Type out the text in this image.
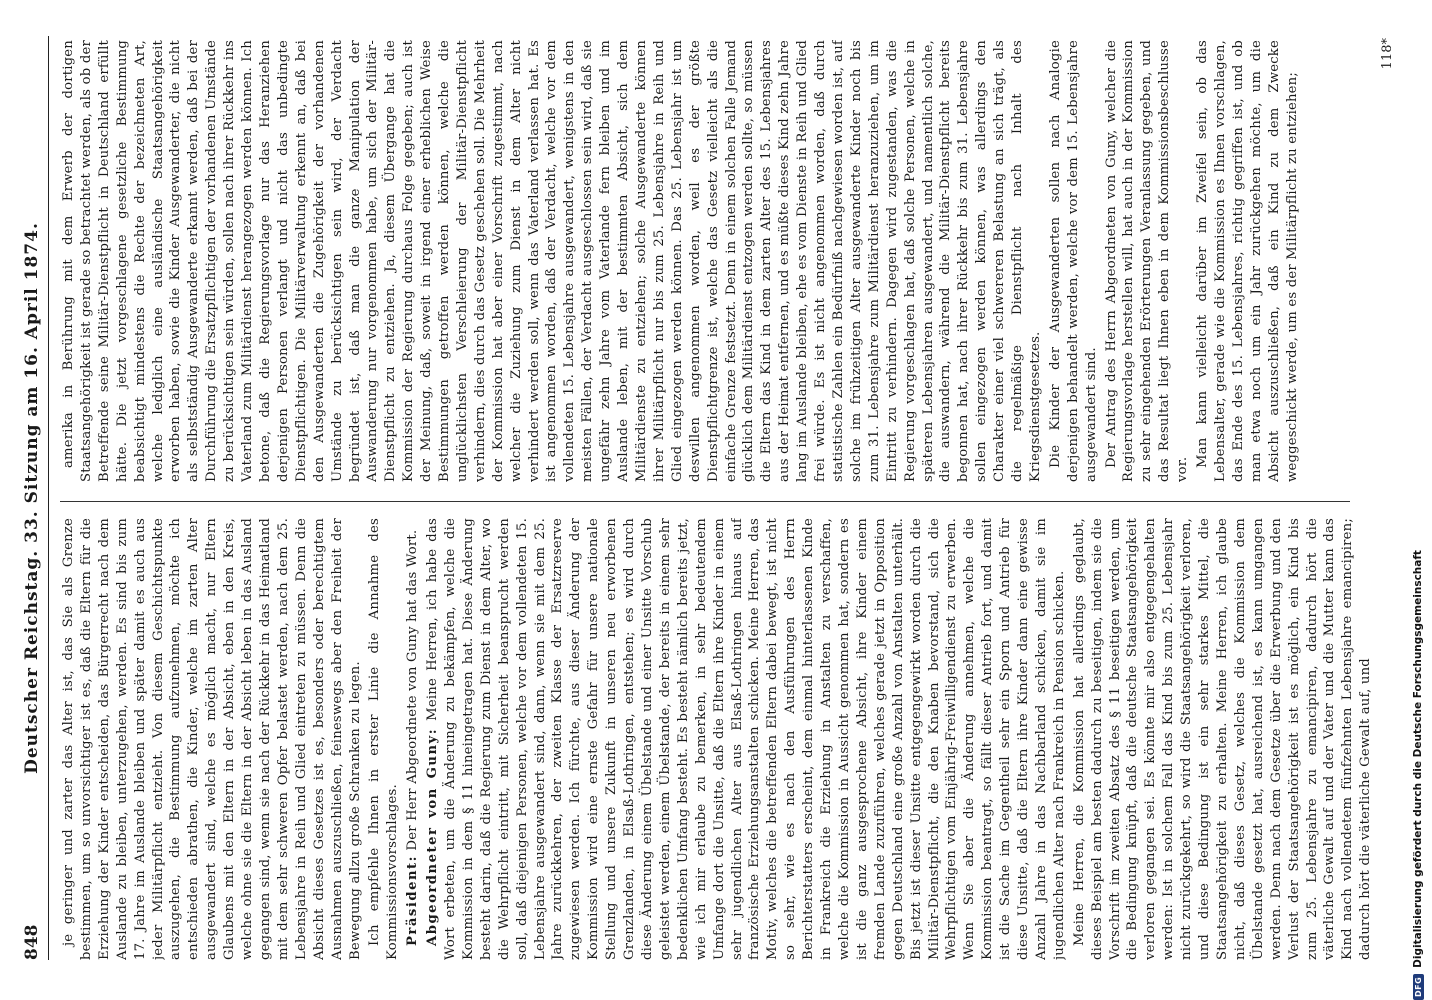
848
Deutscher Reichstag. 33. Sitzung am 16. April 1874. je geringer und zarter das Alter ist, das Sie als Grenze bestimmen, um so unvorsichtiger ist es, daß die Eltern für die Erziehung der Kinder entscheiden, das Bürgerrecht nach dem Auslande zu bleiben, unterzugehen, werden. Es sind bis zum 17. Jahre im Auslande bleiben und später damit es auch aus jeder Militärpflicht entzieht. Von diesem Geschichtspunkte auszugehen, die Bestimmung aufzunehmen, möchte ich entschieden abrathen, die Kinder, welche im zarten Alter ausgewandert sind, welche es möglich macht, nur Eltern Glaubens mit den Eltern in der Absicht, eben in den Kreis, welche ohne sie die Eltern in der Absicht leben in das Ausland gegangen sind, wenn sie nach der Rückkehr in das Heimatland mit dem sehr schweren Opfer belastet werden, nach dem 25. Lebensjahre in Reih und Glied eintreten zu müssen. Denn die Absicht dieses Gesetzes ist es, besonders oder berechtigtem Ausnahmen auszuschließen, feineswegs aber den Freiheit der Bewegung allzu große Schranken zu legen. Ich empfehle Ihnen in erster Linie die Annahme des Kommissionsvorschlages. Präsident: Der Herr Abgeordnete von Guny hat das Wort. Abgeordneter von Guny: Meine Herren, ich habe das Wort erbeten, um die Änderung zu bekämpfen, welche die Kommission in dem § 11 hineingetragen hat. Diese Änderung besteht darin, daß die Regierung zum Dienst in dem Alter, wo die Wehrpflicht eintritt, mit Sicherheit beansprucht werden soll, daß diejenigen Personen, welche vor dem vollendeten 15. Lebensjahre ausgewandert sind, dann, wenn sie mit dem 25. Jahre zurückkehren, der zweiten Klasse der Ersatzreserve zugewiesen werden. Ich fürchte, aus dieser Änderung der Kommission wird eine ernste Gefahr für unsere nationale Stellung und unsere Zukunft in unseren neu erworbenen Grenzlanden, in Elsaß-Lothringen, entstehen; es wird durch diese Änderung einem Übelstande und einer Unsitte Vorschub geleistet werden, einem Übelstande, der bereits in einem sehr bedenklichen Umfang besteht. Es besteht nämlich bereits jetzt, wie ich mir erlaube zu bemerken, in sehr bedeutendem Umfange dort die Unsitte, daß die Eltern ihre Kinder in einem sehr jugendlichen Alter aus Elsaß-Lothringen hinaus auf französische Erziehungsanstalten schicken. Meine Herren, das Motiv, welches die betreffenden Eltern dabei bewegt, ist nicht so sehr, wie es nach den Ausführungen des Herrn Berichterstatters erscheint, dem einmal hinterlassenen Kinde in Frankreich die Erziehung in Anstalten zu verschaffen, welche die Kommission in Aussicht genommen hat, sondern es ist die ganz ausgesprochene Absicht, ihre Kinder einem fremden Lande zuzuführen, welches gerade jetzt in Opposition gegen Deutschland eine große Anzahl von Anstalten unterhält. Bis jetzt ist dieser Unsitte entgegengewirkt worden durch die Militär-Dienstpflicht, die den Knaben bevorstand, sich die Wehrpflichtigen vom Einjährig-Freiwilligendienst zu erwerben. Wenn Sie aber die Änderung annehmen, welche die Kommission beantragt, so fällt dieser Antrieb fort, und damit ist die Sache im Gegentheil sehr ein Sporn und Antrieb für diese Unsitte, daß die Eltern ihre Kinder dann eine gewisse Anzahl Jahre in das Nachbarland schicken, damit sie im jugendlichen Alter nach Frankreich in Pension schicken. Meine Herren, die Kommission hat allerdings geglaubt, dieses Beispiel am besten dadurch zu beseitigen, indem sie die Vorschrift im zweiten Absatz des § 11 beseitigen werden, um die Bedingung knüpft, daß die deutsche Staatsangehörigkeit verloren gegangen sei. Es könnte mir also entgegengehalten werden: Ist in solchem Fall das Kind bis zum 25. Lebensjahr nicht zurückgekehrt, so wird die Staatsangehörigkeit verloren, und diese Bedingung ist ein sehr starkes Mittel, die Staatsangehörigkeit zu erhalten. Meine Herren, ich glaube nicht, daß dieses Gesetz, welches die Kommission dem Übelstande gesetzt hat, ausreichend ist, es kann umgangen werden. Denn nach dem Gesetze über die Erwerbung und den Verlust der Staatsangehörigkeit ist es möglich, ein Kind bis zum 25. Lebensjahre zu emancipiren, dadurch hört die väterliche Gewalt auf und der Vater und die Mutter kann das Kind nach vollendetem fünfzehnten Lebensjahre emancipiren; dadurch hört die väterliche Gewalt auf, und

amerika in Berührung mit dem Erwerb der dortigen Staatsangehörigkeit ist gerade so betrachtet werden, als ob der Betreffende seine Militär-Dienstpflicht in Deutschland erfüllt hätte. Die jetzt vorgeschlagene gesetzliche Bestimmung beabsichtigt mindestens die Rechte der bezeichneten Art, welche lediglich eine ausländische Staatsangehörigkeit erworben haben, sowie die Kinder Ausgewanderter, die nicht als selbstständig Ausgewanderte erkannt werden, daß bei der Durchführung die Ersatzpflichtigen der vorhandenen Umstände zu berücksichtigen sein würden, sollen nach ihrer Rückkehr ins Vaterland zum Militärdienst herangezogen werden können. Ich betone, daß die Regierungsvorlage nur das Heranziehen derjenigen Personen verlangt und nicht das unbedingte Dienstpflichtigen. Die Militärverwaltung erkennt an, daß bei den Ausgewanderten die Zugehörigkeit der vorhandenen Umstände zu berücksichtigen sein wird, der Verdacht begründet ist, daß man die ganze Manipulation der Auswanderung nur vorgenommen habe, um sich der Militär-Dienstpflicht zu entziehen. Ja, diesem Übergange hat die Kommission der Regierung durchaus Folge gegeben; auch ist der Meinung, daß, soweit in irgend einer erheblichen Weise Bestimmungen getroffen werden können, welche die unglücklichsten Verschleierung der Militär-Dienstpflicht verhindern, dies durch das Gesetz geschehen soll. Die Mehrheit der Kommission hat aber einer Vorschrift zugestimmt, nach welcher die Zuziehung zum Dienst in dem Alter nicht verhindert werden soll, wenn das Vaterland verlassen hat. Es ist angenommen worden, daß der Verdacht, welche vor dem vollendeten 15. Lebensjahre ausgewandert, wenigstens in den meisten Fällen, der Verdacht ausgeschlossen sein wird, daß sie ungefähr zehn Jahre vom Vaterlande fern bleiben und im Auslande leben, mit der bestimmten Absicht, sich dem Militärdienste zu entziehen; solche Ausgewanderte können ihrer Militärpflicht nur bis zum 25. Lebensjahre in Reih und Glied eingezogen werden können. Das 25. Lebensjahr ist um deswillen angenommen worden, weil es der größte Dienstpflichtgrenze ist, welche das Gesetz vielleicht als die einfache Grenze festsetzt. Denn in einem solchen Falle Jemand glücklich dem Militärdienst entzogen werden sollte, so müssen die Eltern das Kind in dem zarten Alter des 15. Lebensjahres aus der Heimat entfernen, und es müßte dieses Kind zehn Jahre lang im Auslande bleiben, ehe es vom Dienste in Reih und Glied frei würde. Es ist nicht angenommen worden, daß durch statistische Zahlen ein Bedürfniß nachgewiesen worden ist, auf solche im frühzeitigen Alter ausgewanderte Kinder noch bis zum 31. Lebensjahre zum Militärdienst heranzuziehen, um im Eintritt zu verhindern. Dagegen wird zugestanden, was die Regierung vorgeschlagen hat, daß solche Personen, welche in späteren Lebensjahren ausgewandert, und namentlich solche, die auswandern, während die Militär-Dienstpflicht bereits begonnen hat, nach ihrer Rückkehr bis zum 31. Lebensjahre sollen eingezogen werden können, was allerdings den Charakter einer viel schwereren Belastung an sich trägt, als die regelmäßige Dienstpflicht nach Inhalt des Kriegsdienstgesetzes. Die Kinder der Ausgewanderten sollen nach Analogie derjenigen behandelt werden, welche vor dem 15. Lebensjahre ausgewandert sind. Der Antrag des Herrn Abgeordneten von Guny, welcher die Regierungsvorlage herstellen will, hat auch in der Kommission zu sehr eingehenden Erörterungen Veranlassung gegeben, und das Resultat liegt Ihnen eben in dem Kommissionsbeschlusse vor.

Man kann vielleicht darüber im Zweifel sein, ob das Lebensalter, gerade wie die Kommission es Ihnen vorschlagen, das Ende des 15. Lebensjahres, richtig gegriffen ist, und ob man etwa noch um ein Jahr zurückgehen möchte, um die Absicht auszuschließen, daß ein Kind zu dem Zwecke weggeschickt werde, um es der Militärpflicht zu entziehen;

118*
DFG
Digitalisierung gefördert durch die Deutsche Forschungsgemeinschaft
